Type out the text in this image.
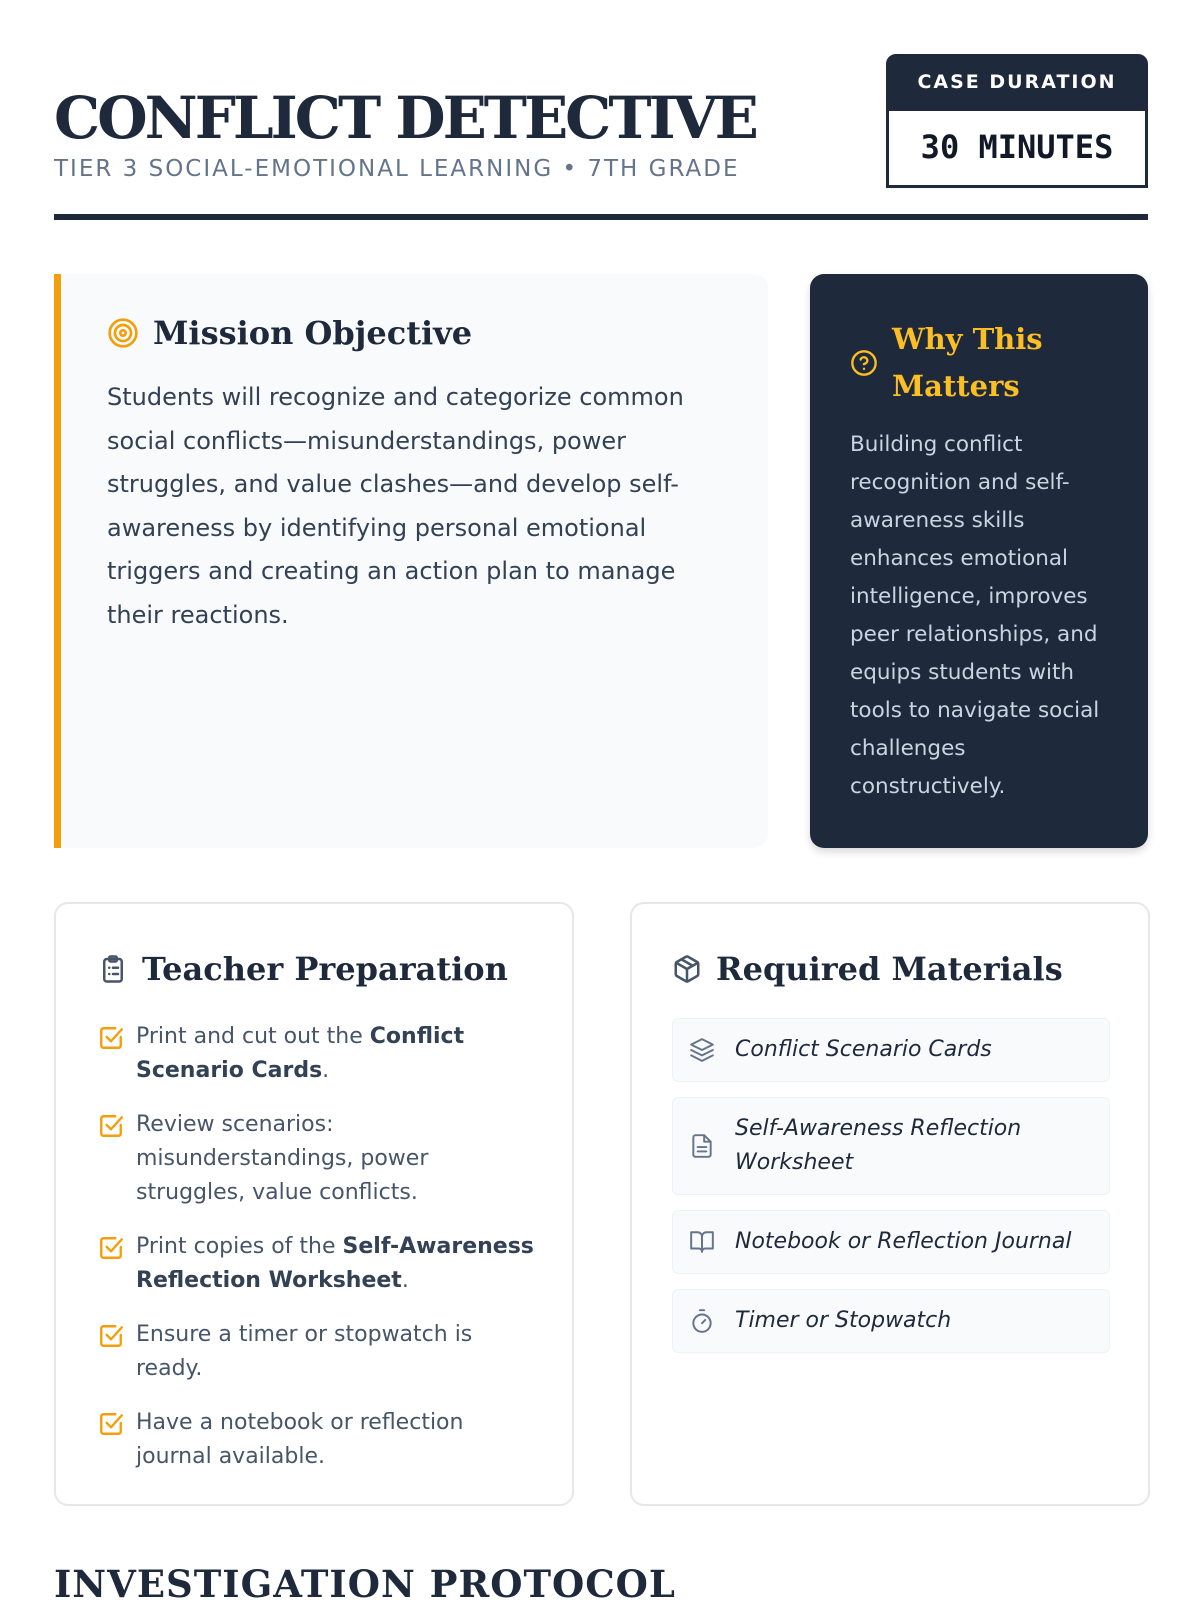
CONFLICT DETECTIVE
TIER 3 SOCIAL-EMOTIONAL LEARNING • 7TH GRADE
CASE DURATION
30 MINUTES
Mission Objective

Students will recognize and categorize common social conflicts—misunderstandings, power struggles, and value clashes—and develop self-awareness by identifying personal emotional triggers and creating an action plan to manage their reactions.

Why This Matters

Building conflict recognition and self-awareness skills enhances emotional intelligence, improves peer relationships, and equips students with tools to navigate social challenges constructively.

Teacher Preparation
Print and cut out the Conflict Scenario Cards.
Review scenarios: misunderstandings, power struggles, value conflicts.
Print copies of the Self-Awareness Reflection Worksheet.
Ensure a timer or stopwatch is ready.
Have a notebook or reflection journal available.
Required Materials
Conflict Scenario Cards
Self-Awareness Reflection Worksheet
Notebook or Reflection Journal
Timer or Stopwatch
INVESTIGATION PROTOCOL
